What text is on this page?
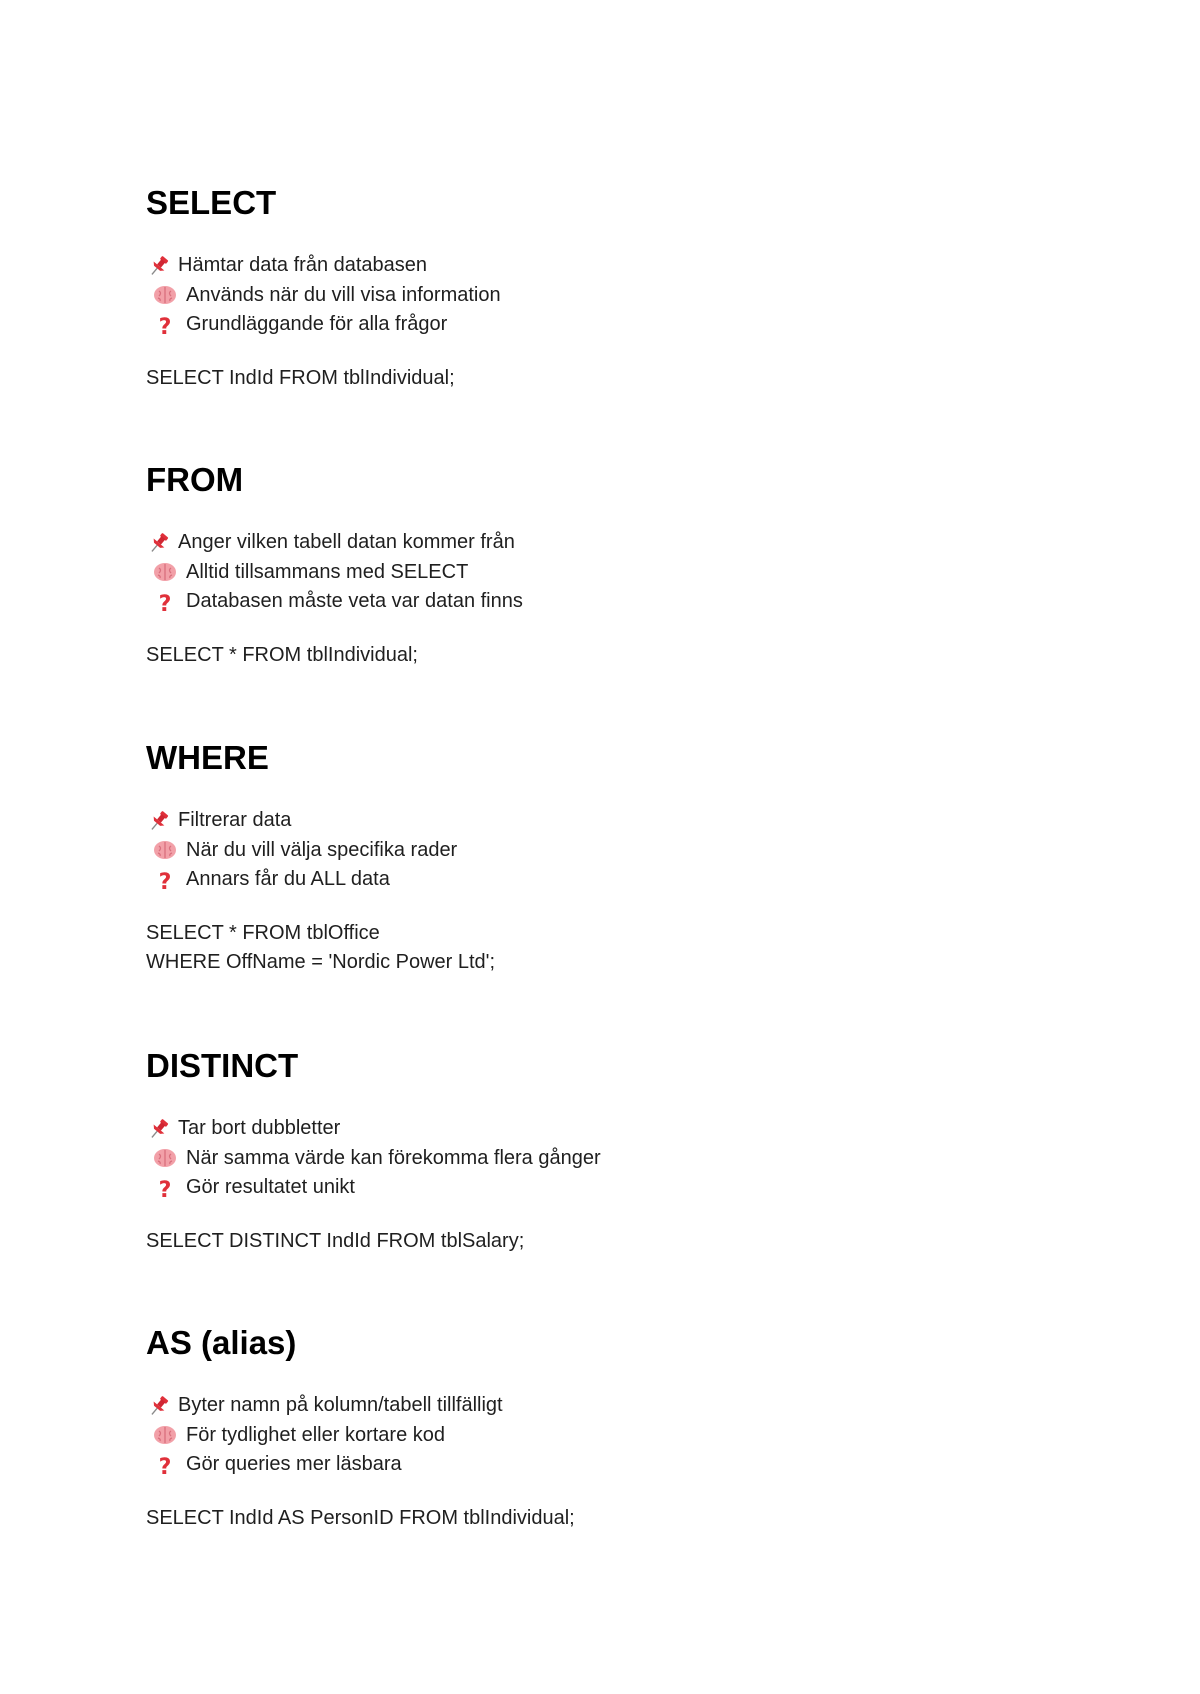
SELECT
Hämtar data från databasen
Används när du vill visa information
? Grundläggande för alla frågor
SELECT IndId FROM tblIndividual;
FROM
Anger vilken tabell datan kommer från
Alltid tillsammans med SELECT
? Databasen måste veta var datan finns
SELECT * FROM tblIndividual;
WHERE
Filtrerar data
När du vill välja specifika rader
? Annars får du ALL data
SELECT * FROM tblOffice
WHERE OffName = 'Nordic Power Ltd';
DISTINCT
Tar bort dubbletter
När samma värde kan förekomma flera gånger
? Gör resultatet unikt
SELECT DISTINCT IndId FROM tblSalary;
AS (alias)
Byter namn på kolumn/tabell tillfälligt
För tydlighet eller kortare kod
? Gör queries mer läsbara
SELECT IndId AS PersonID FROM tblIndividual;
